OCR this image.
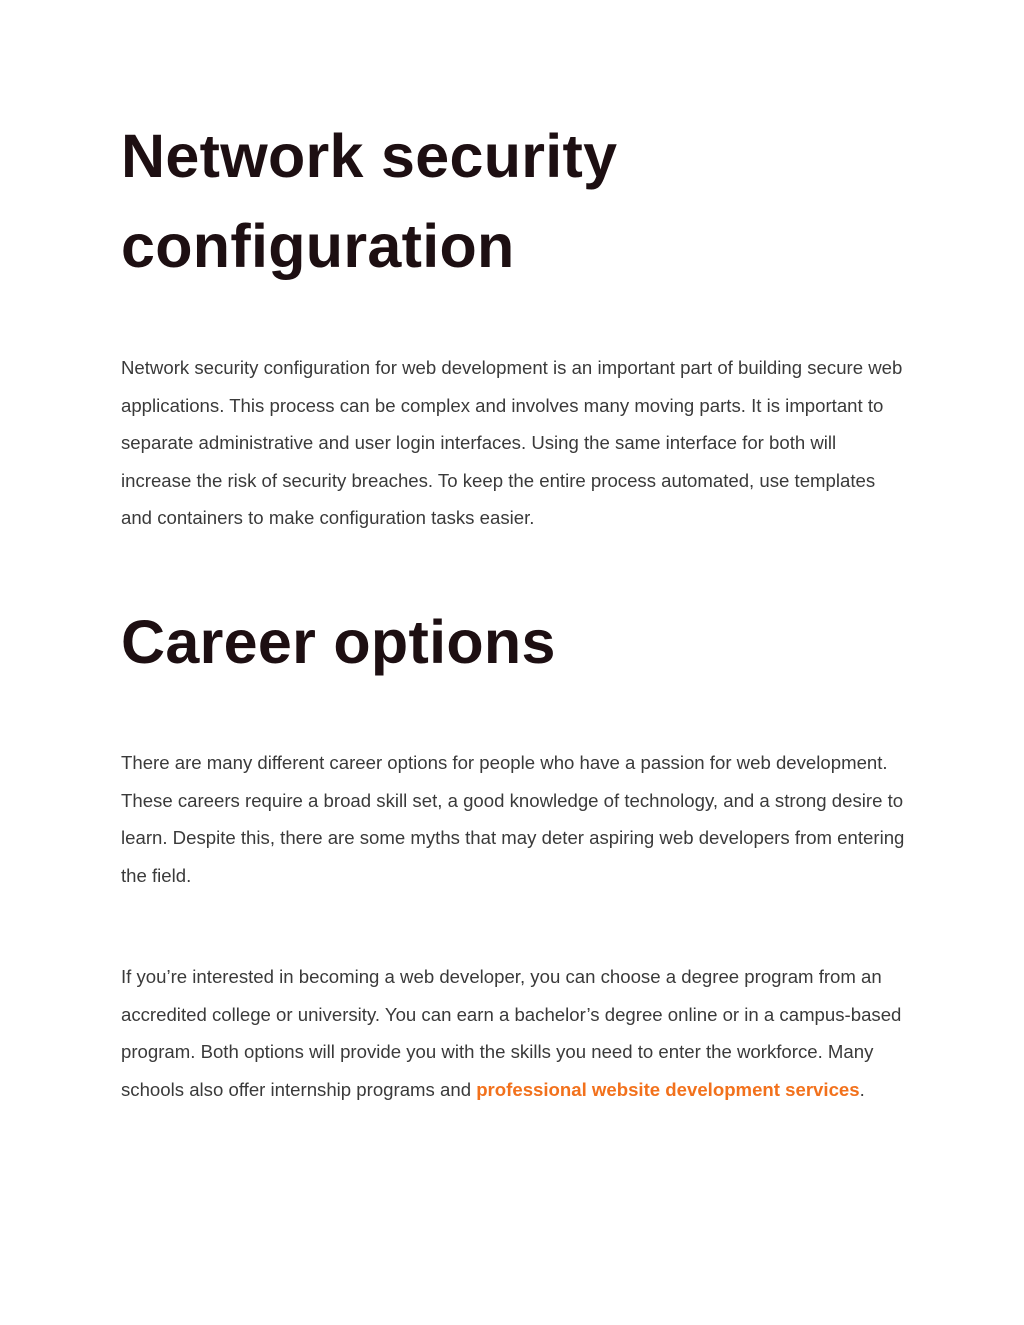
Network security configuration

Network security configuration for web development is an important part of building secure web applications. This process can be complex and involves many moving parts. It is important to separate administrative and user login interfaces. Using the same interface for both will increase the risk of security breaches. To keep the entire process automated, use templates and containers to make configuration tasks easier.

Career options

There are many different career options for people who have a passion for web development. These careers require a broad skill set, a good knowledge of technology, and a strong desire to learn. Despite this, there are some myths that may deter aspiring web developers from entering the field.

If you’re interested in becoming a web developer, you can choose a degree program from an accredited college or university. You can earn a bachelor’s degree online or in a campus-based program. Both options will provide you with the skills you need to enter the workforce. Many schools also offer internship programs and professional website development services.
